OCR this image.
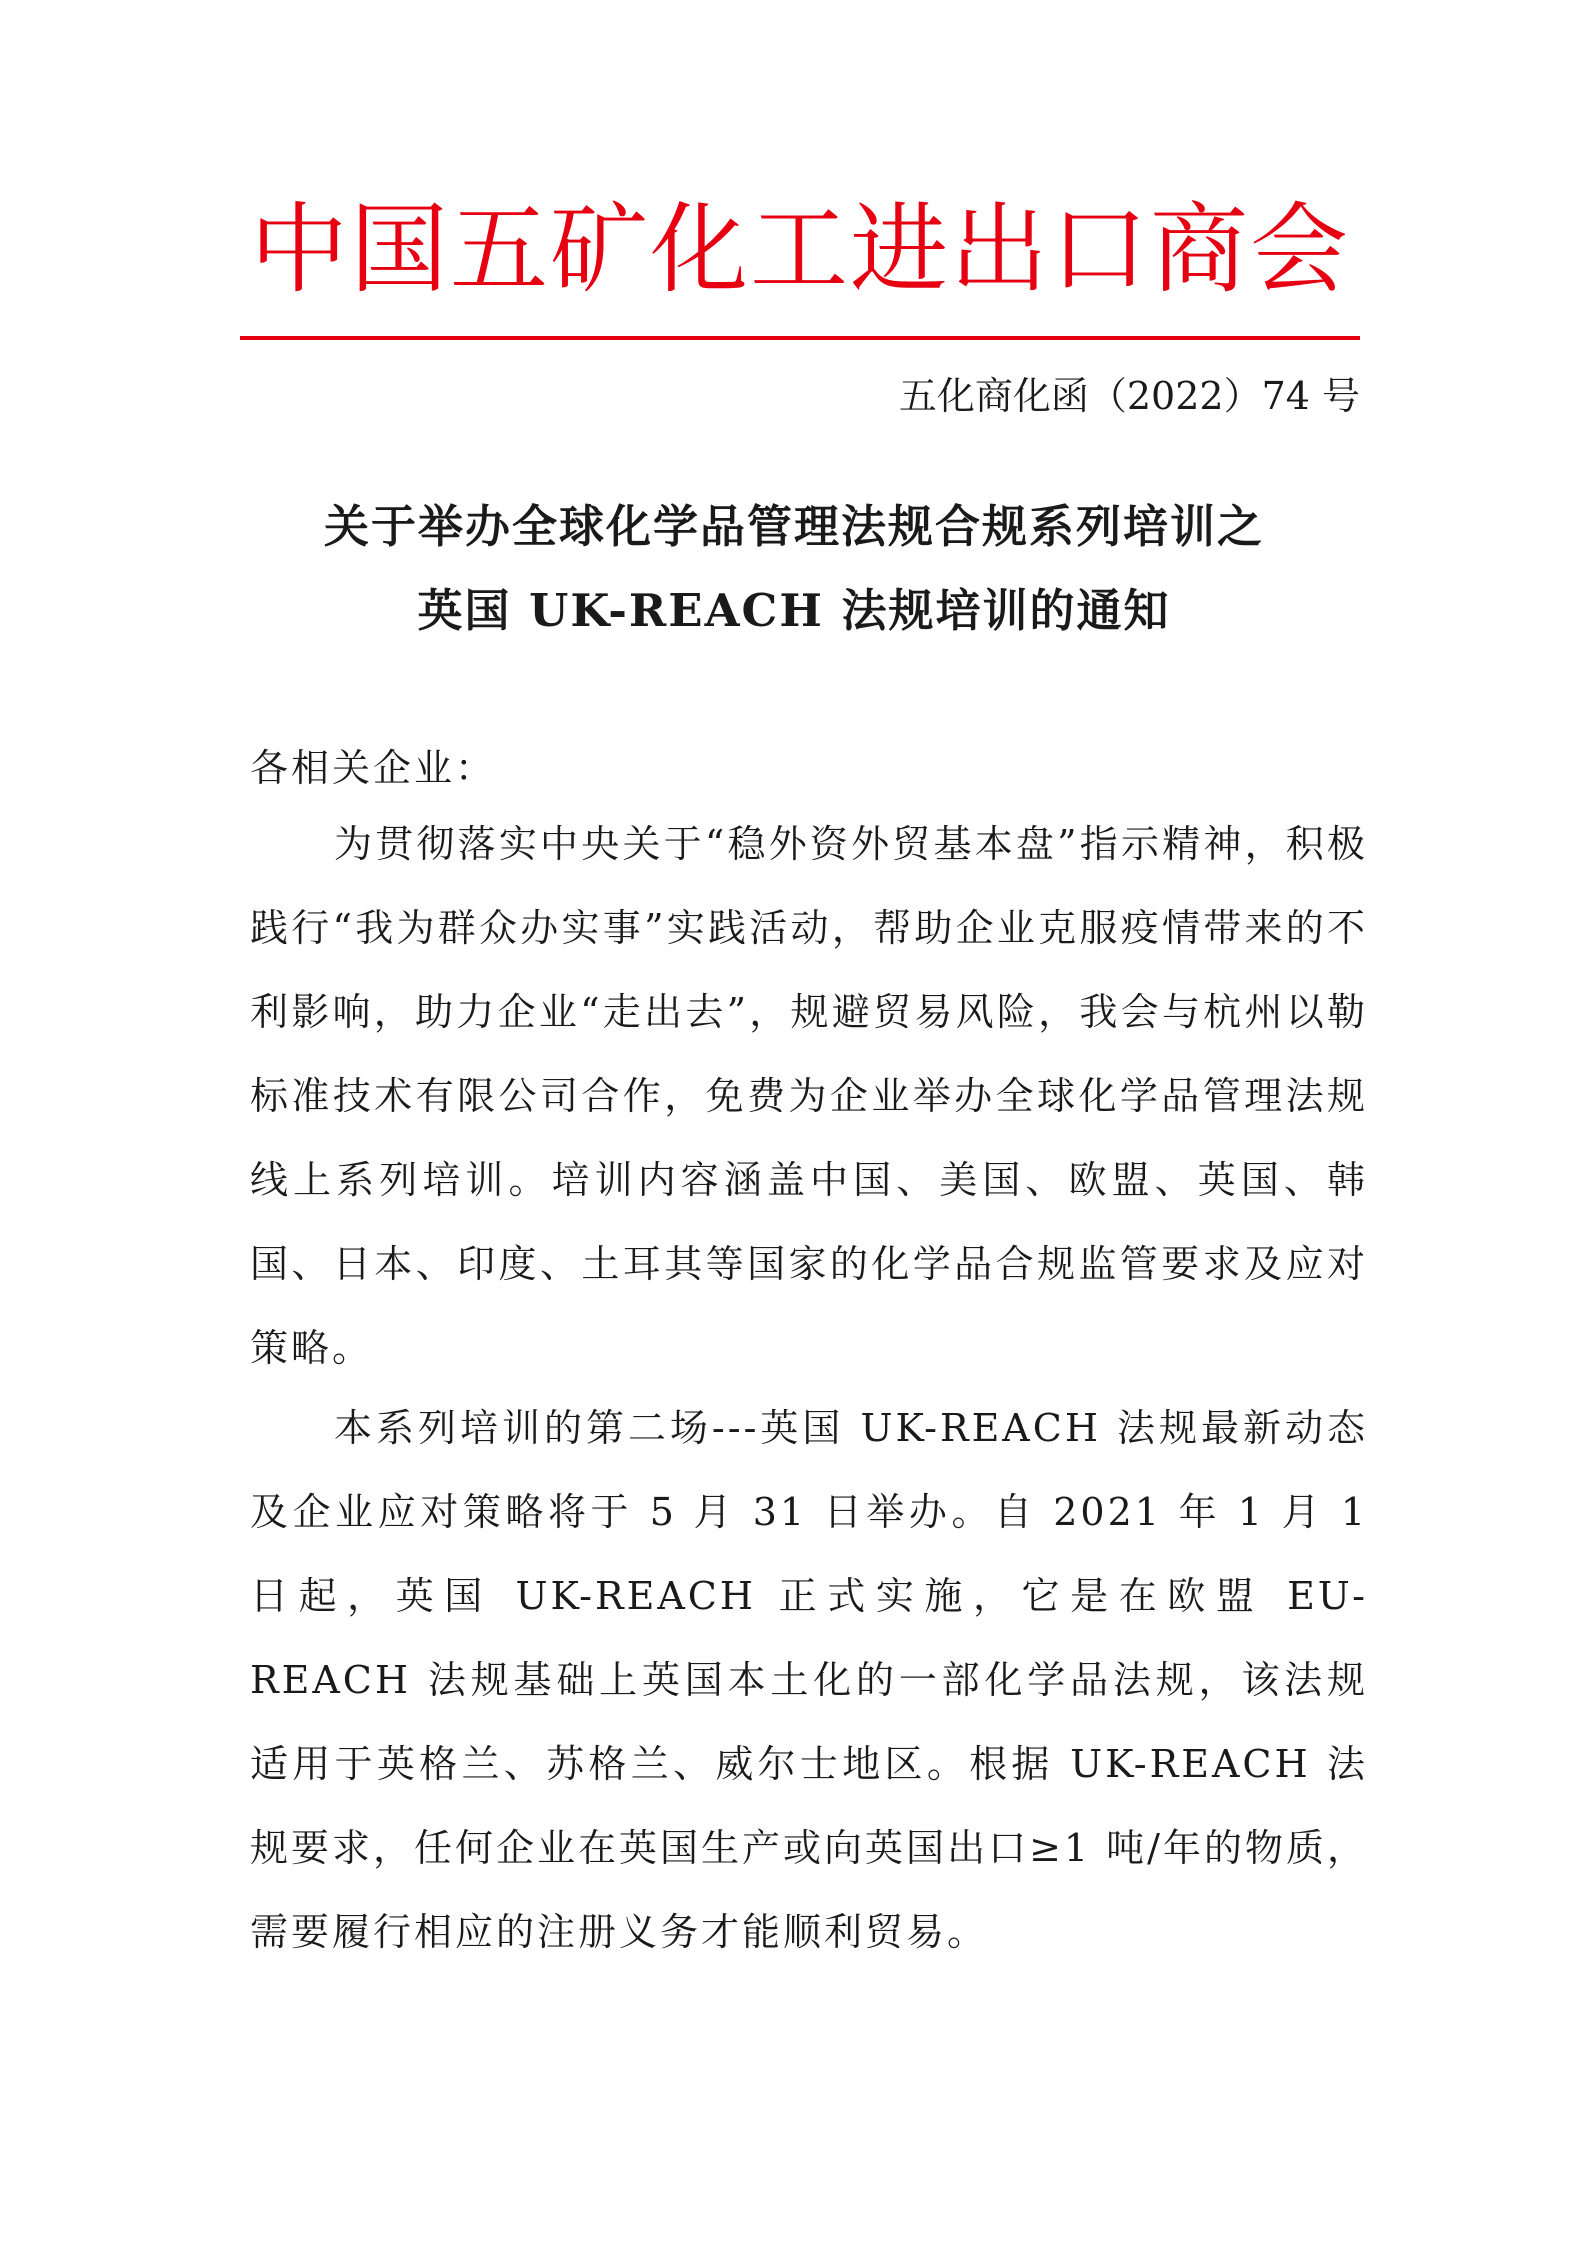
中国五矿化工进出口商会
五化商化函（2022）74 号
关于举办全球化学品管理法规合规系列培训之
英国 UK-REACH 法规培训的通知
各相关企业：

为贯彻落实中央关于“稳外资外贸基本盘”指示精神，积极践行“我为群众办实事”实践活动，帮助企业克服疫情带来的不利影响，助力企业“走出去”，规避贸易风险，我会与杭州以勒标准技术有限公司合作，免费为企业举办全球化学品管理法规线上系列培训。培训内容涵盖中国、美国、欧盟、英国、韩国、日本、印度、土耳其等国家的化学品合规监管要求及应对策略。

本系列培训的第二场---英国 UK-REACH 法规最新动态及企业应对策略将于 5 月 31 日举办。自 2021 年 1 月 1 日起，英国 UK-REACH 正式实施，它是在欧盟 EU-REACH 法规基础上英国本土化的一部化学品法规，该法规适用于英格兰、苏格兰、威尔士地区。根据 UK-REACH 法规要求，任何企业在英国生产或向英国出口≥1 吨/年的物质，需要履行相应的注册义务才能顺利贸易。
